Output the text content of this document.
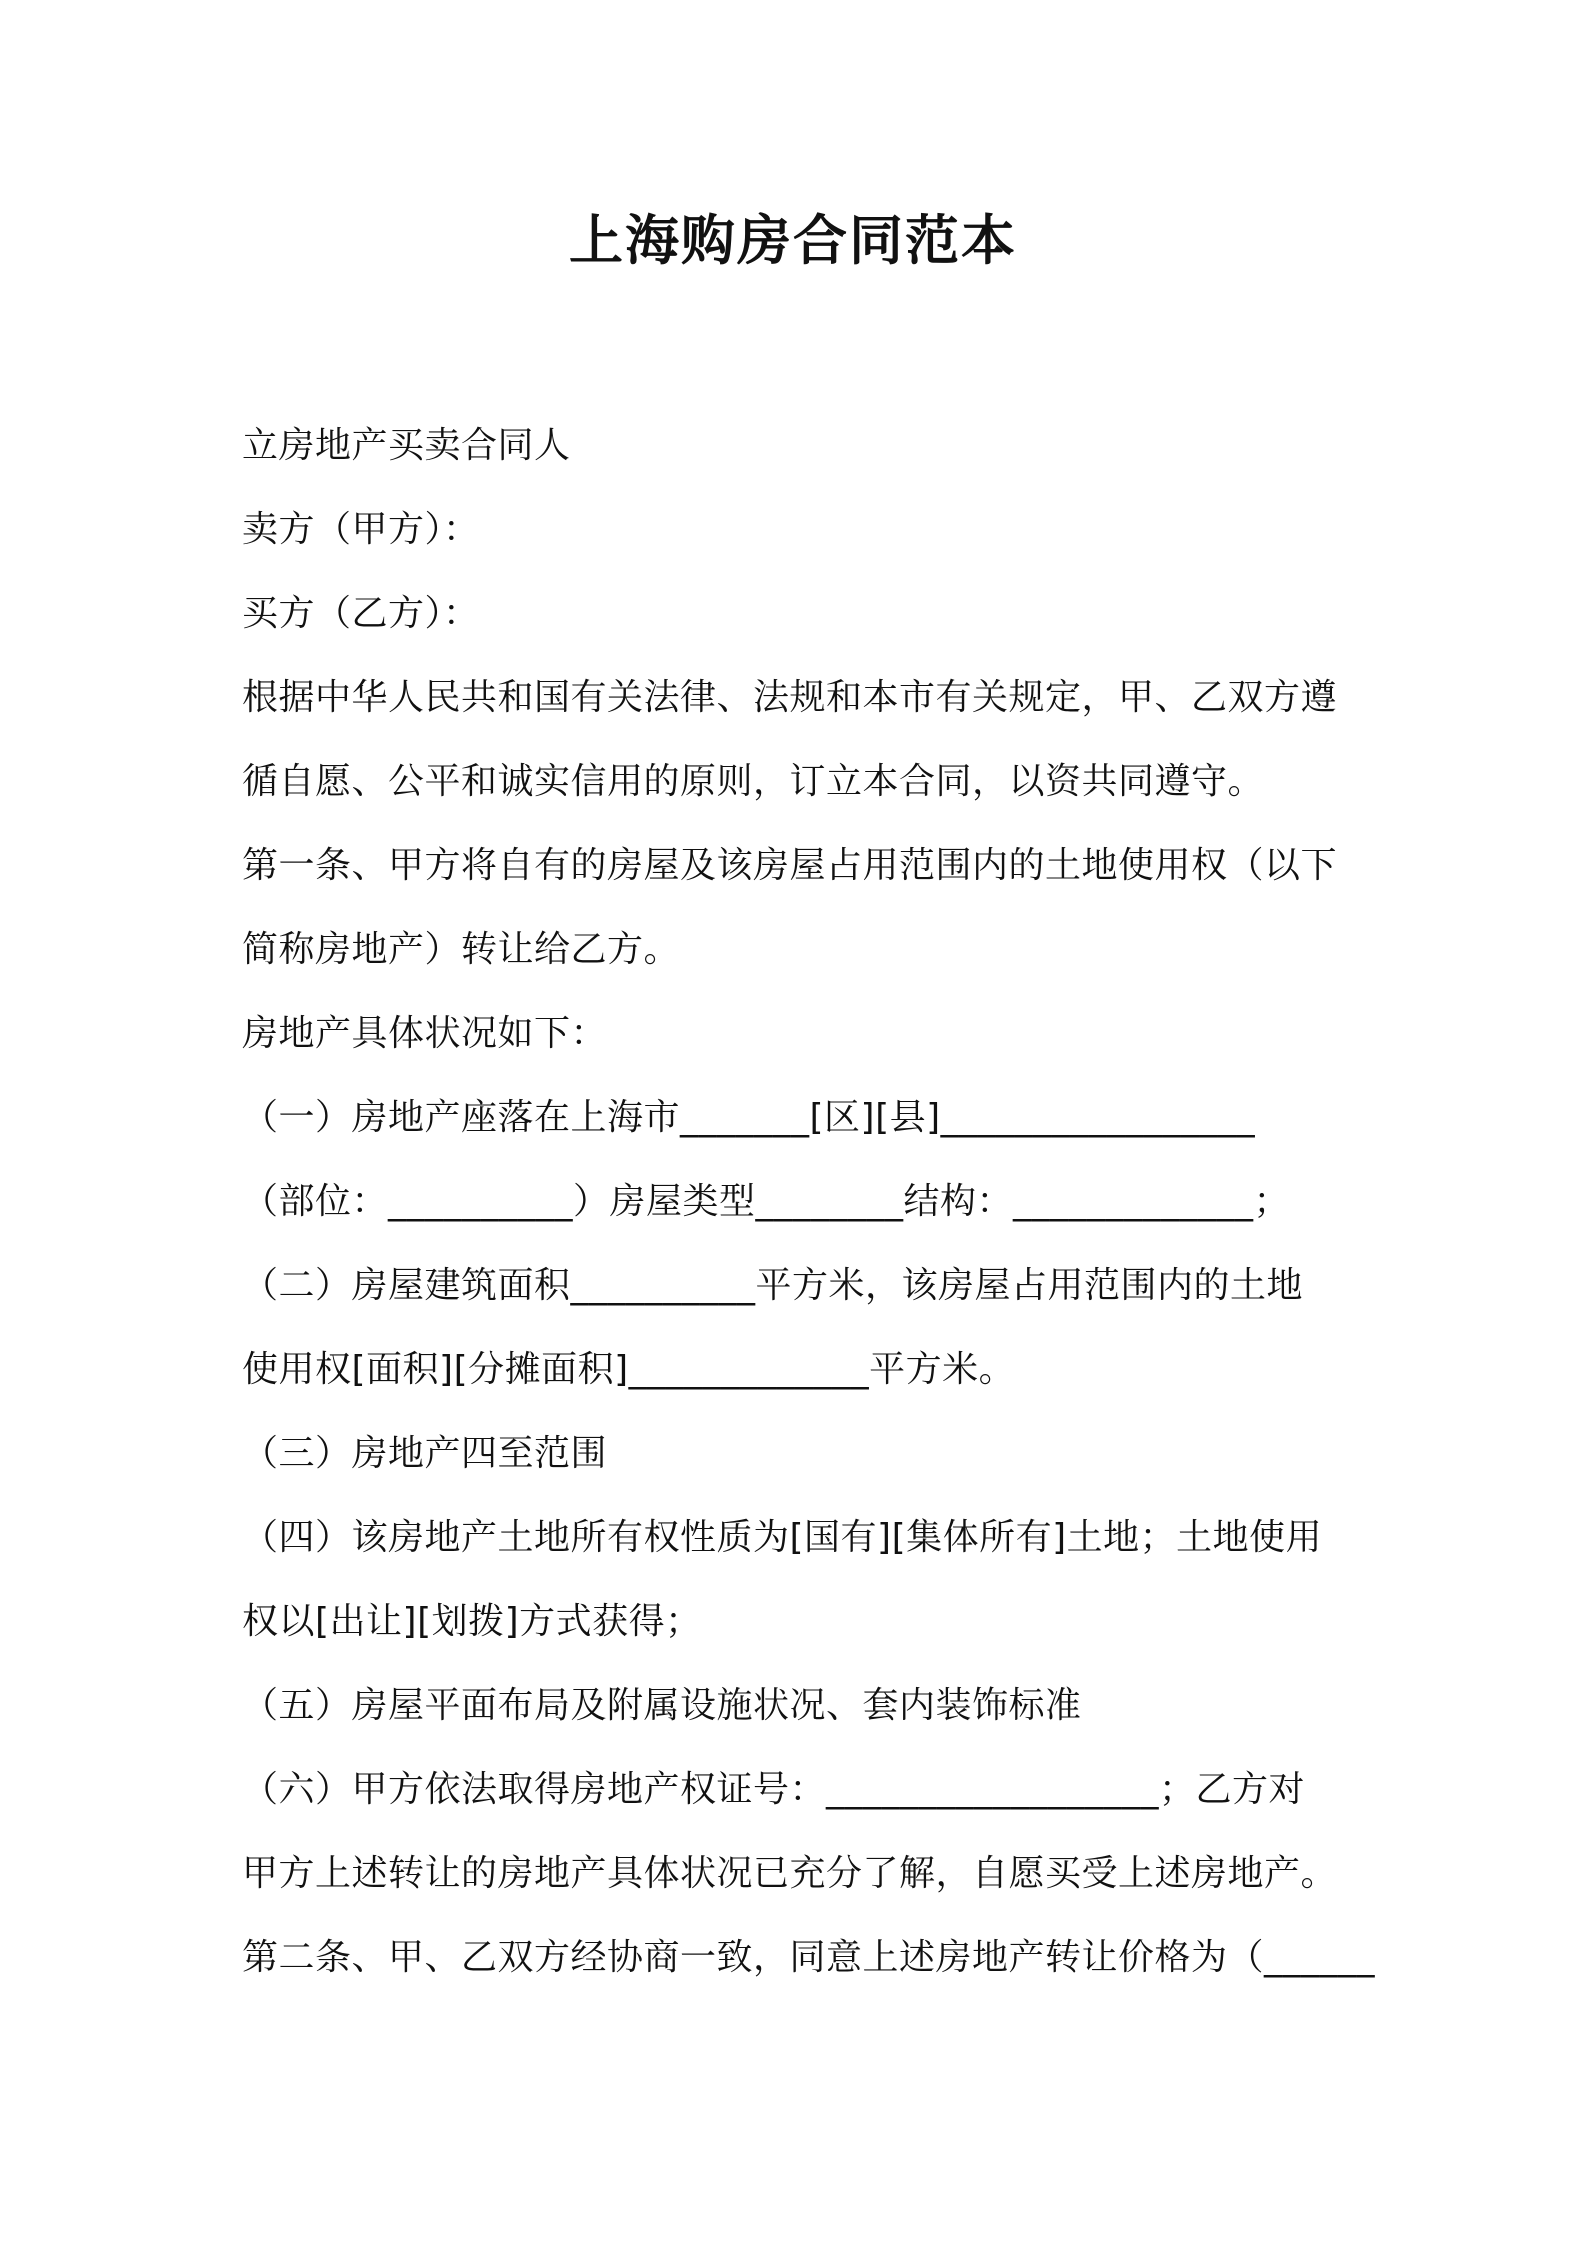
上海购房合同范本
立房地产买卖合同人
卖方（甲方）：
买方（乙方）：
根据中华人民共和国有关法律、法规和本市有关规定，甲、乙双方遵
循自愿、公平和诚实信用的原则，订立本合同，以资共同遵守。
第一条、甲方将自有的房屋及该房屋占用范围内的土地使用权（以下
简称房地产）转让给乙方。
房地产具体状况如下：
（一）房地产座落在上海市_______[区][县]_________________
（部位：__________）房屋类型________结构：_____________；
（二）房屋建筑面积__________平方米，该房屋占用范围内的土地
使用权[面积][分摊面积]_____________平方米。
（三）房地产四至范围
（四）该房地产土地所有权性质为[国有][集体所有]土地；土地使用
权以[出让][划拨]方式获得；
（五）房屋平面布局及附属设施状况、套内装饰标准
（六）甲方依法取得房地产权证号：__________________；乙方对
甲方上述转让的房地产具体状况已充分了解，自愿买受上述房地产。
第二条、甲、乙双方经协商一致，同意上述房地产转让价格为（______
